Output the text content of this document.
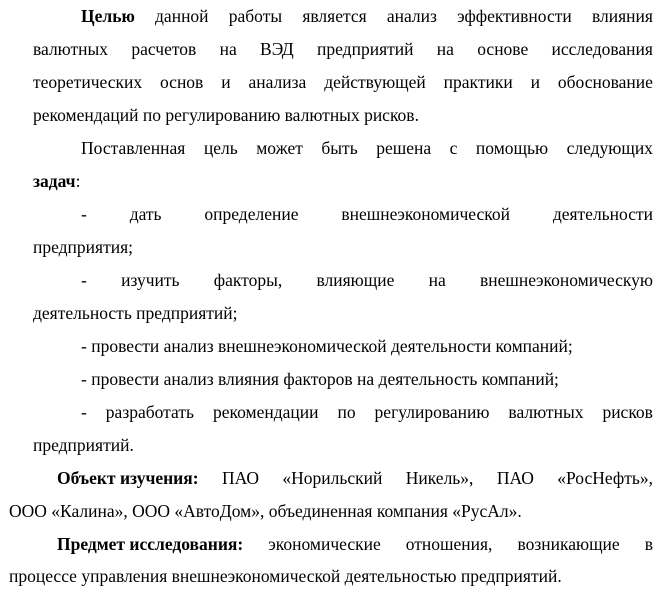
Целью данной работы является анализ эффективности влияния
валютных расчетов на ВЭД предприятий на основе исследования
теоретических основ и анализа действующей практики и обоснование
рекомендаций по регулированию валютных рисков.
Поставленная цель может быть решена с помощью следующих
задач :
- дать определение внешнеэкономической деятельности
предприятия;
- изучить факторы, влияющие на внешнеэкономическую
деятельность предприятий;
- провести анализ внешнеэкономической деятельности компаний;
- провести анализ влияния факторов на деятельность компаний;
- разработать рекомендации по регулированию валютных рисков
предприятий.
Объект изучения: ПАО «Норильский Никель», ПАО «РосНефть»,
ООО «Калина», ООО «АвтоДом», объединенная компания «РусАл».
Предмет исследования: экономические отношения, возникающие в
процессе управления внешнеэкономической деятельностью предприятий.
